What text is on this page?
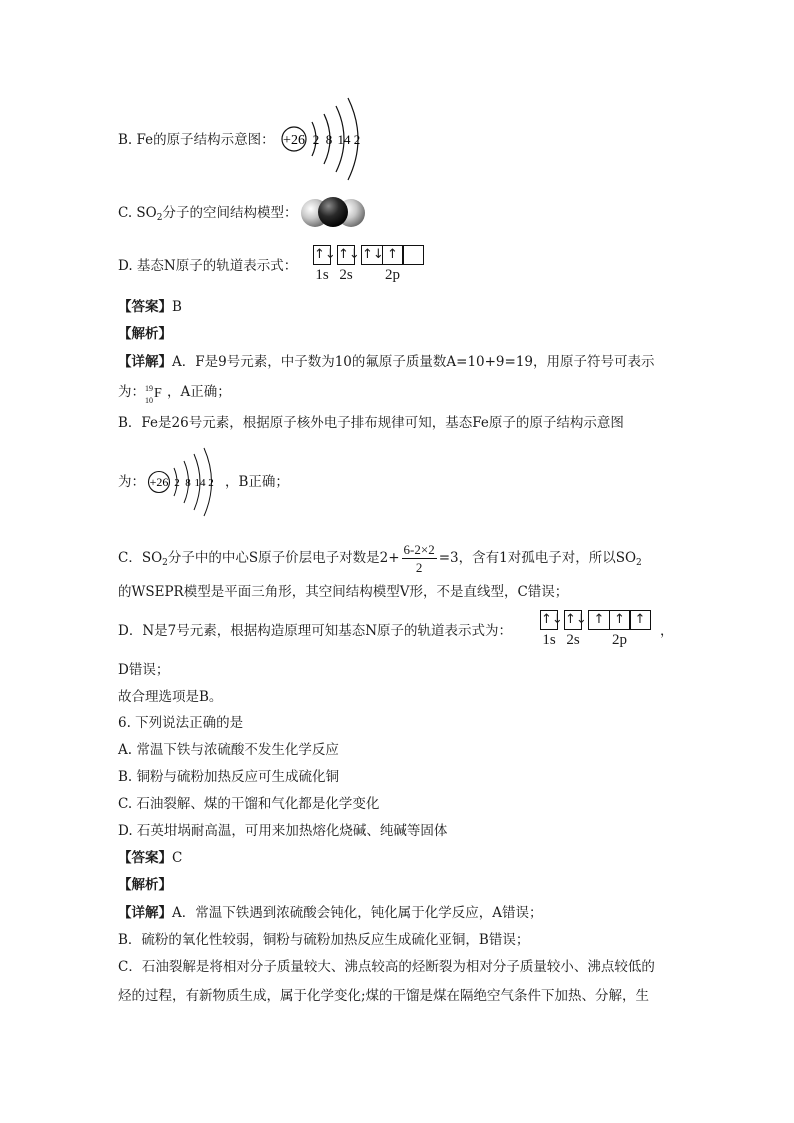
B. Fe的原子结构示意图： +26 2 8 14 2
C. $SO_2$分子的空间结构模型：
D. 基态N原子的轨道表示式：
↑↓
1s
↑↓
2s
↑↓ ↑
2p
【答案】B
【解析】
【详解】A．F是9号元素，中子数为10的氟原子质量数A=10+9=19，用原子符号可表示
为： 19
10 F ，A正确；
B．Fe是26号元素，根据原子核外电子排布规律可知，基态Fe原子的原子结构示意图
为：	，B正确；
+26 2 8 14 2
C．$SO_2$分子中的中心S原子价层电子对数是$2+ \frac{6-2\times 2}{2} =3$，含有1对孤电子对，所以$SO_2$
的WSEPR模型是平面三角形，其空间结构模型V形，不是直线型，C错误；
D．N是7号元素，根据构造原理可知基态N原子的轨道表示式为：
↑↓
1s
↑↓
2s
↑ ↑ ↑
2p
，
D错误；
故合理选项是B。
6. 下列说法正确的是
A. 常温下铁与浓硫酸不发生化学反应
B. 铜粉与硫粉加热反应可生成硫化铜
C. 石油裂解、煤的干馏和气化都是化学变化
D. 石英坩埚耐高温，可用来加热熔化烧碱、纯碱等固体
【答案】C
【解析】
【详解】A．常温下铁遇到浓硫酸会钝化，钝化属于化学反应，A错误；
B．硫粉的氧化性较弱，铜粉与硫粉加热反应生成硫化亚铜，B错误；
C．石油裂解是将相对分子质量较大、沸点较高的烃断裂为相对分子质量较小、沸点较低的
烃的过程，有新物质生成，属于化学变化;煤的干馏是煤在隔绝空气条件下加热、分解，生
